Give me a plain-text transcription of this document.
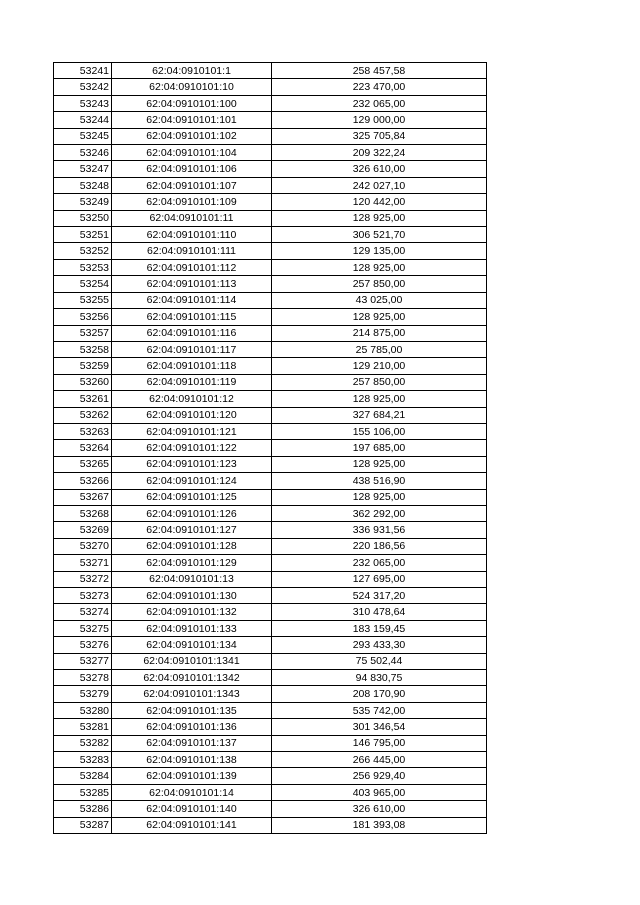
53241	62:04:0910101:1	258 457,58
53242	62:04:0910101:10	223 470,00
53243	62:04:0910101:100	232 065,00
53244	62:04:0910101:101	129 000,00
53245	62:04:0910101:102	325 705,84
53246	62:04:0910101:104	209 322,24
53247	62:04:0910101:106	326 610,00
53248	62:04:0910101:107	242 027,10
53249	62:04:0910101:109	120 442,00
53250	62:04:0910101:11	128 925,00
53251	62:04:0910101:110	306 521,70
53252	62:04:0910101:111	129 135,00
53253	62:04:0910101:112	128 925,00
53254	62:04:0910101:113	257 850,00
53255	62:04:0910101:114	43 025,00
53256	62:04:0910101:115	128 925,00
53257	62:04:0910101:116	214 875,00
53258	62:04:0910101:117	25 785,00
53259	62:04:0910101:118	129 210,00
53260	62:04:0910101:119	257 850,00
53261	62:04:0910101:12	128 925,00
53262	62:04:0910101:120	327 684,21
53263	62:04:0910101:121	155 106,00
53264	62:04:0910101:122	197 685,00
53265	62:04:0910101:123	128 925,00
53266	62:04:0910101:124	438 516,90
53267	62:04:0910101:125	128 925,00
53268	62:04:0910101:126	362 292,00
53269	62:04:0910101:127	336 931,56
53270	62:04:0910101:128	220 186,56
53271	62:04:0910101:129	232 065,00
53272	62:04:0910101:13	127 695,00
53273	62:04:0910101:130	524 317,20
53274	62:04:0910101:132	310 478,64
53275	62:04:0910101:133	183 159,45
53276	62:04:0910101:134	293 433,30
53277	62:04:0910101:1341	75 502,44
53278	62:04:0910101:1342	94 830,75
53279	62:04:0910101:1343	208 170,90
53280	62:04:0910101:135	535 742,00
53281	62:04:0910101:136	301 346,54
53282	62:04:0910101:137	146 795,00
53283	62:04:0910101:138	266 445,00
53284	62:04:0910101:139	256 929,40
53285	62:04:0910101:14	403 965,00
53286	62:04:0910101:140	326 610,00
53287	62:04:0910101:141	181 393,08
